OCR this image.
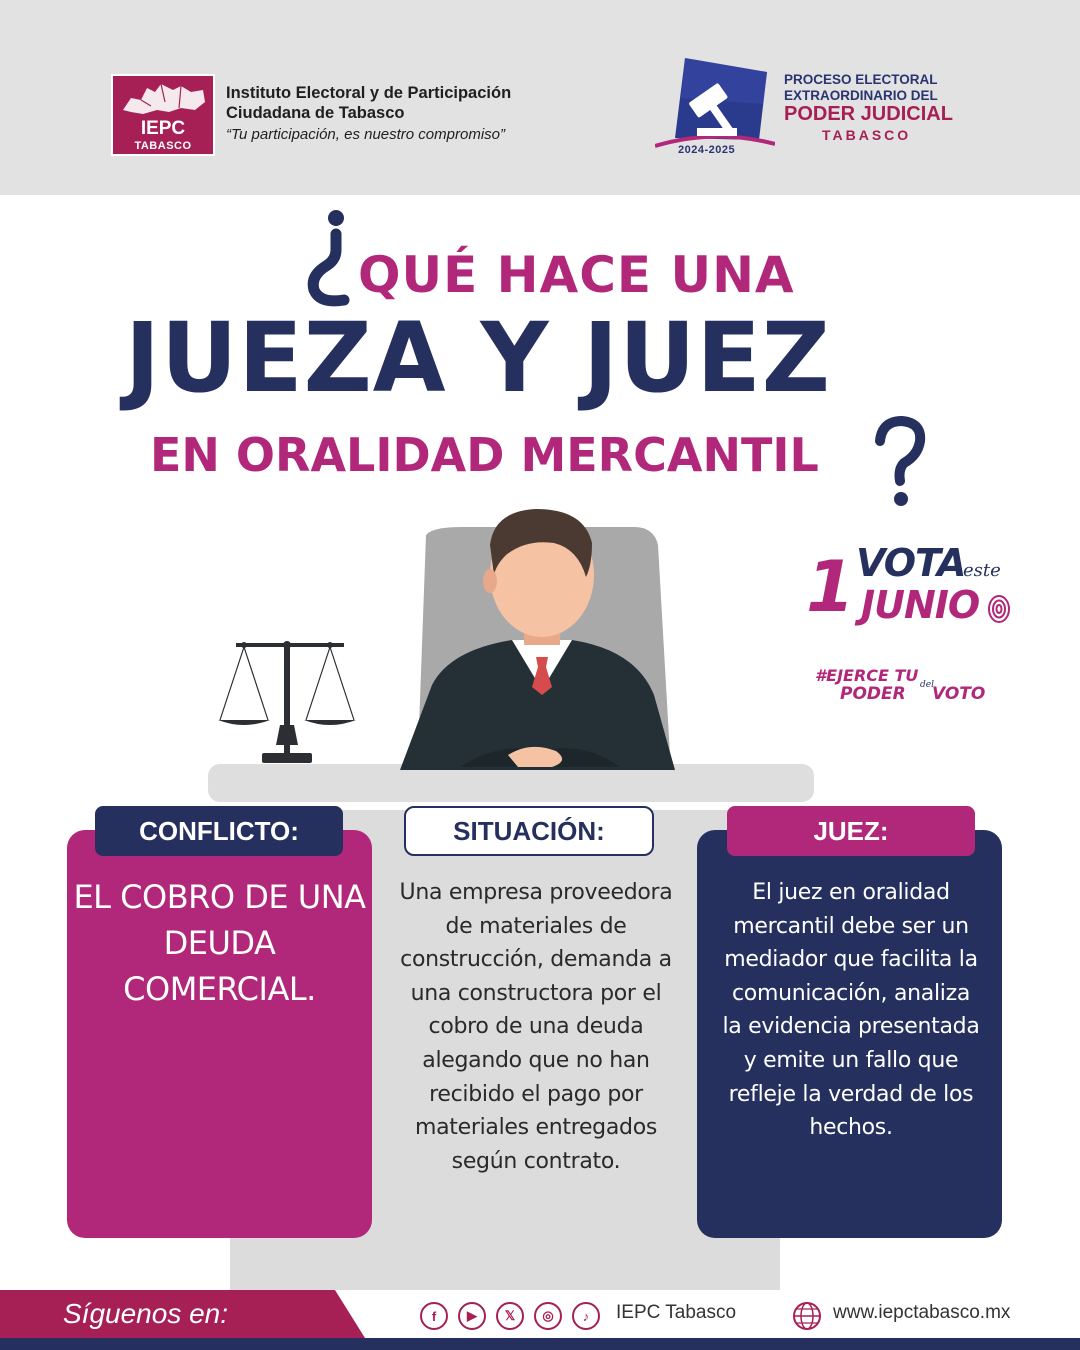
IEPC
TABASCO
Instituto Electoral y de Participación
Ciudadana de Tabasco
“Tu participación, es nuestro compromiso”
2024-2025
PROCESO ELECTORAL
EXTRAORDINARIO DEL
PODER JUDICIAL
TABASCO
QUÉ HACE UNA
JUEZA Y JUEZ
EN ORALIDAD MERCANTIL
1 VOTA
este
JUNIO
#EJERCE TU
PODER del
VOTO
CONFLICTO:
EL COBRO DE UNA DEUDA COMERCIAL.
SITUACIÓN:
Una empresa proveedora de materiales de construcción, demanda a una constructora por el cobro de una deuda alegando que no han recibido el pago por materiales entregados según contrato.
JUEZ:
El juez en oralidad mercantil debe ser un mediador que facilita la comunicación, analiza la evidencia presentada y emite un fallo que refleje la verdad de los hechos.
Síguenos en:	f	▶	𝕏	◎	♪	IEPC Tabasco	www.iepctabasco.mx
